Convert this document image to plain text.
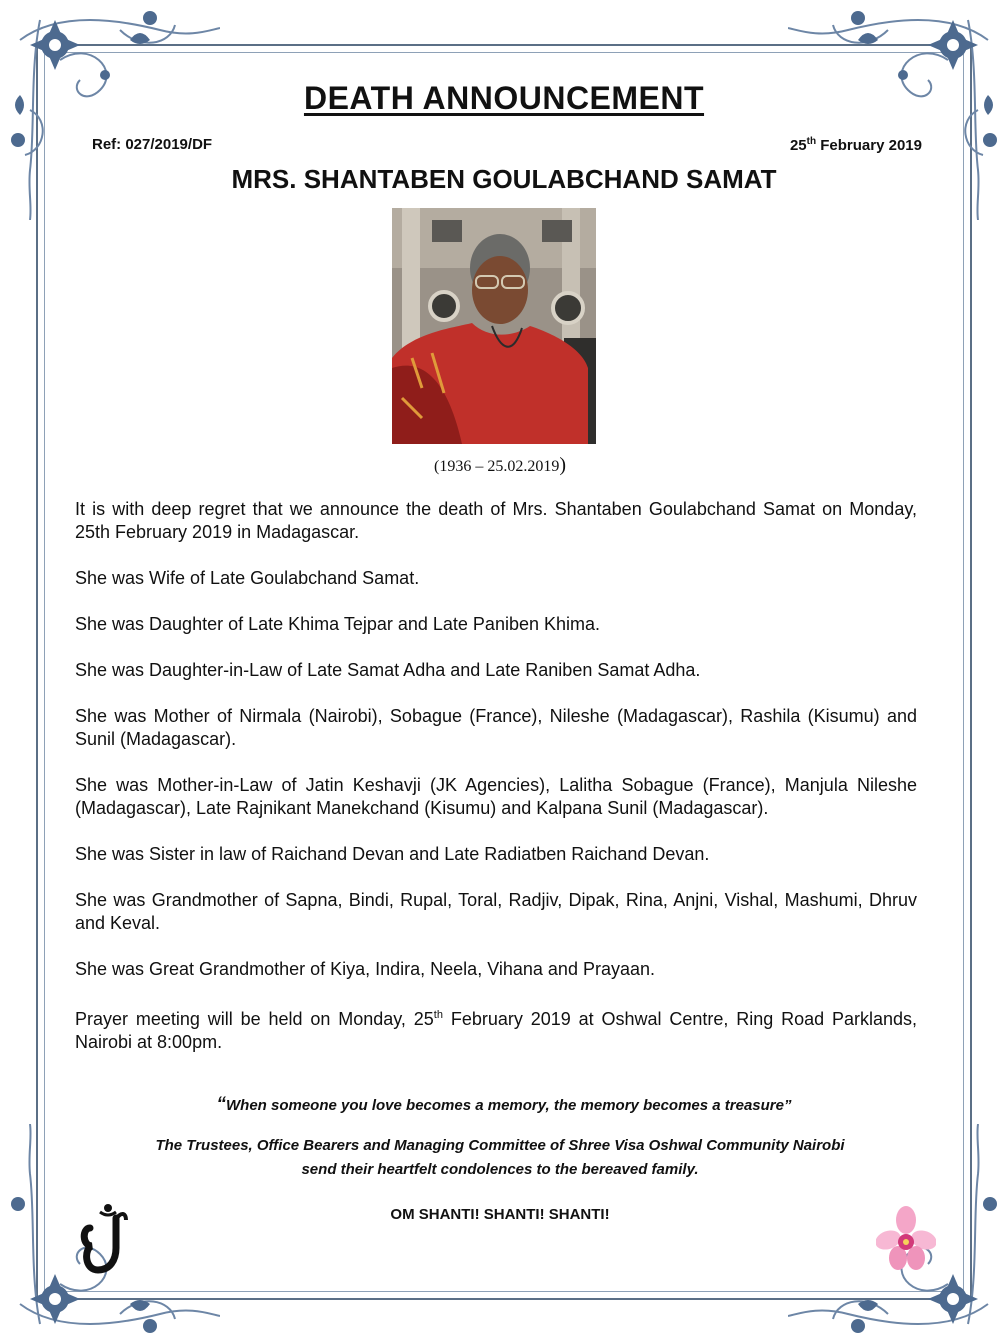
DEATH ANNOUNCEMENT
Ref: 027/2019/DF	25th February 2019
MRS. SHANTABEN GOULABCHAND SAMAT
(1936 – 25.02.2019)

It is with deep regret that we announce the death of Mrs. Shantaben Goulabchand Samat on Monday, 25th February 2019 in Madagascar.

She was Wife of Late Goulabchand Samat.

She was Daughter of Late Khima Tejpar and Late Paniben Khima.

She was Daughter-in-Law of Late Samat Adha and Late Raniben Samat Adha.

She was Mother of Nirmala (Nairobi), Sobague (France), Nileshe (Madagascar), Rashila (Kisumu) and Sunil (Madagascar).

She was Mother-in-Law of Jatin Keshavji (JK Agencies), Lalitha Sobague (France), Manjula Nileshe (Madagascar), Late Rajnikant Manekchand (Kisumu) and Kalpana Sunil (Madagascar).

She was Sister in law of Raichand Devan and Late Radiatben Raichand Devan.

She was Grandmother of Sapna, Bindi, Rupal, Toral, Radjiv, Dipak, Rina, Anjni, Vishal, Mashumi, Dhruv and Keval.

She was Great Grandmother of Kiya, Indira, Neela, Vihana and Prayaan.

Prayer meeting will be held on Monday, 25th February 2019 at Oshwal Centre, Ring Road Parklands, Nairobi at 8:00pm.

“When someone you love becomes a memory, the memory becomes a treasure”
The Trustees, Office Bearers and Managing Committee of Shree Visa Oshwal Community Nairobi
send their heartfelt condolences to the bereaved family.
OM SHANTI! SHANTI! SHANTI!
